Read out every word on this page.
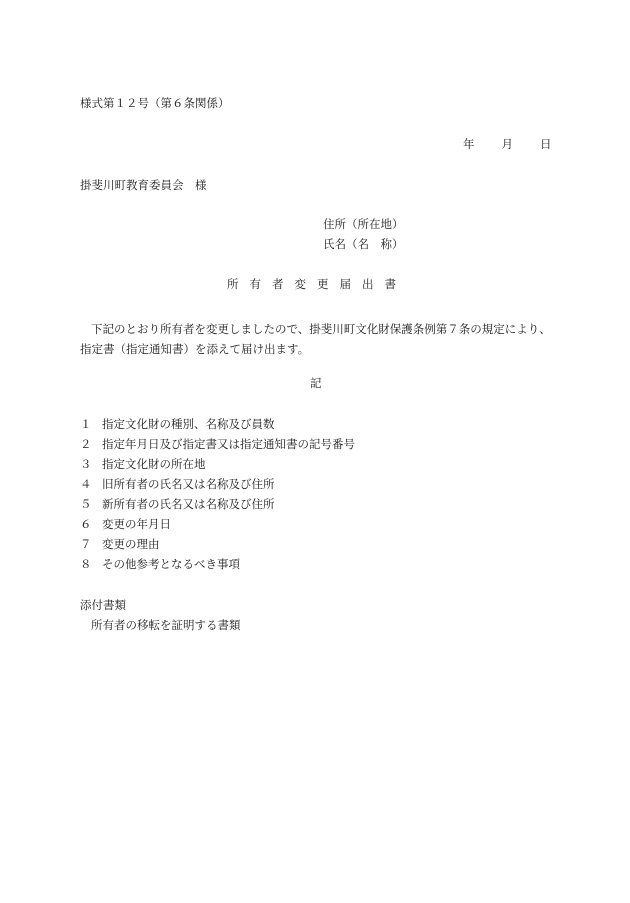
様式第１２号（第６条関係）
年 月 日
掛斐川町教育委員会　様
住所（所在地）
氏名（名　称）
所 有 者 変 更 届 出 書
下記のとおり所有者を変更しましたので、掛斐川町文化財保護条例第７条の規定により、指定書（指定通知書）を添えて届け出ます。
記
１ 指定文化財の種別、名称及び員数
２ 指定年月日及び指定書又は指定通知書の記号番号
３ 指定文化財の所在地
４ 旧所有者の氏名又は名称及び住所
５ 新所有者の氏名又は名称及び住所
６ 変更の年月日
７ 変更の理由
８ その他参考となるべき事項
添付書類
所有者の移転を証明する書類
